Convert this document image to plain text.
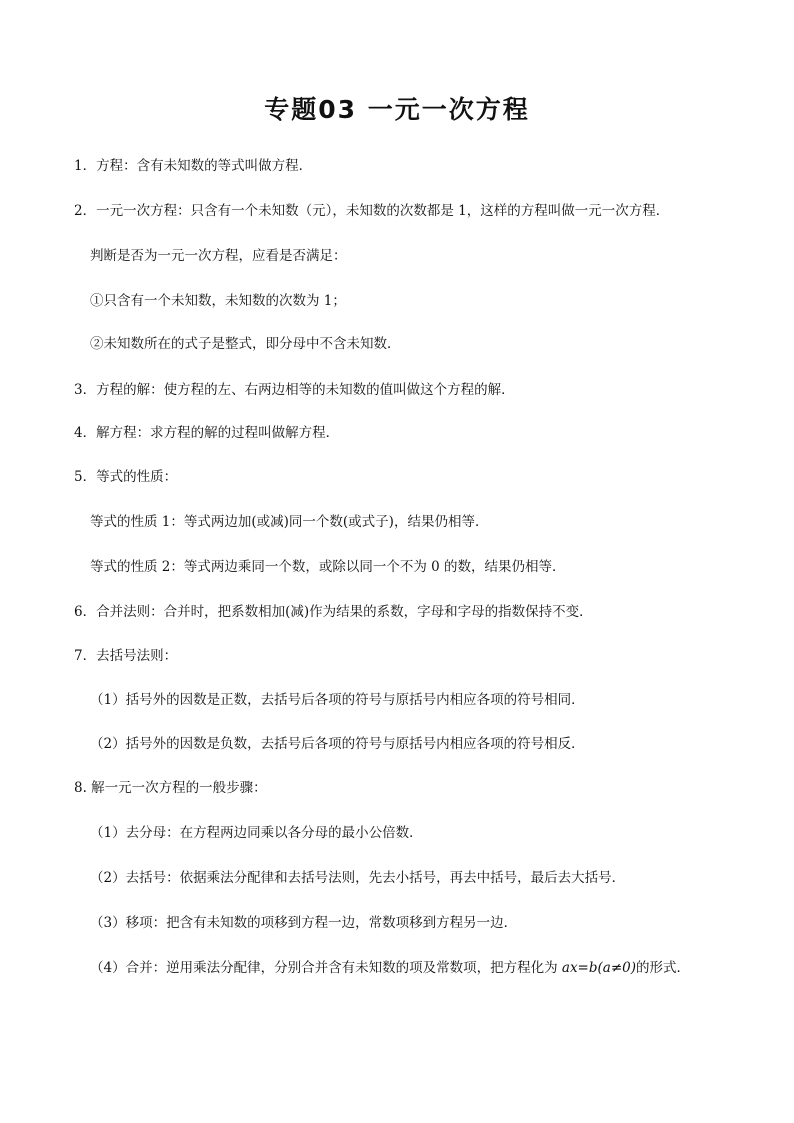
专题03 一元一次方程

1．方程：含有未知数的等式叫做方程．

2．一元一次方程：只含有一个未知数（元），未知数的次数都是 1，这样的方程叫做一元一次方程．

判断是否为一元一次方程，应看是否满足：

①只含有一个未知数，未知数的次数为 1；

②未知数所在的式子是整式，即分母中不含未知数．

3．方程的解：使方程的左、右两边相等的未知数的值叫做这个方程的解．

4．解方程：求方程的解的过程叫做解方程．

5．等式的性质：

等式的性质 1：等式两边加(或减)同一个数(或式子)，结果仍相等．

等式的性质 2：等式两边乘同一个数，或除以同一个不为 0 的数，结果仍相等．

6．合并法则：合并时，把系数相加(减)作为结果的系数，字母和字母的指数保持不变．

7．去括号法则：

（1）括号外的因数是正数，去括号后各项的符号与原括号内相应各项的符号相同．

（2）括号外的因数是负数，去括号后各项的符号与原括号内相应各项的符号相反．

8. 解一元一次方程的一般步骤：

（1）去分母：在方程两边同乘以各分母的最小公倍数．

（2）去括号：依据乘法分配律和去括号法则，先去小括号，再去中括号，最后去大括号．

（3）移项：把含有未知数的项移到方程一边，常数项移到方程另一边．

（4）合并：逆用乘法分配律，分别合并含有未知数的项及常数项，把方程化为 ax=b(a≠0)的形式．
